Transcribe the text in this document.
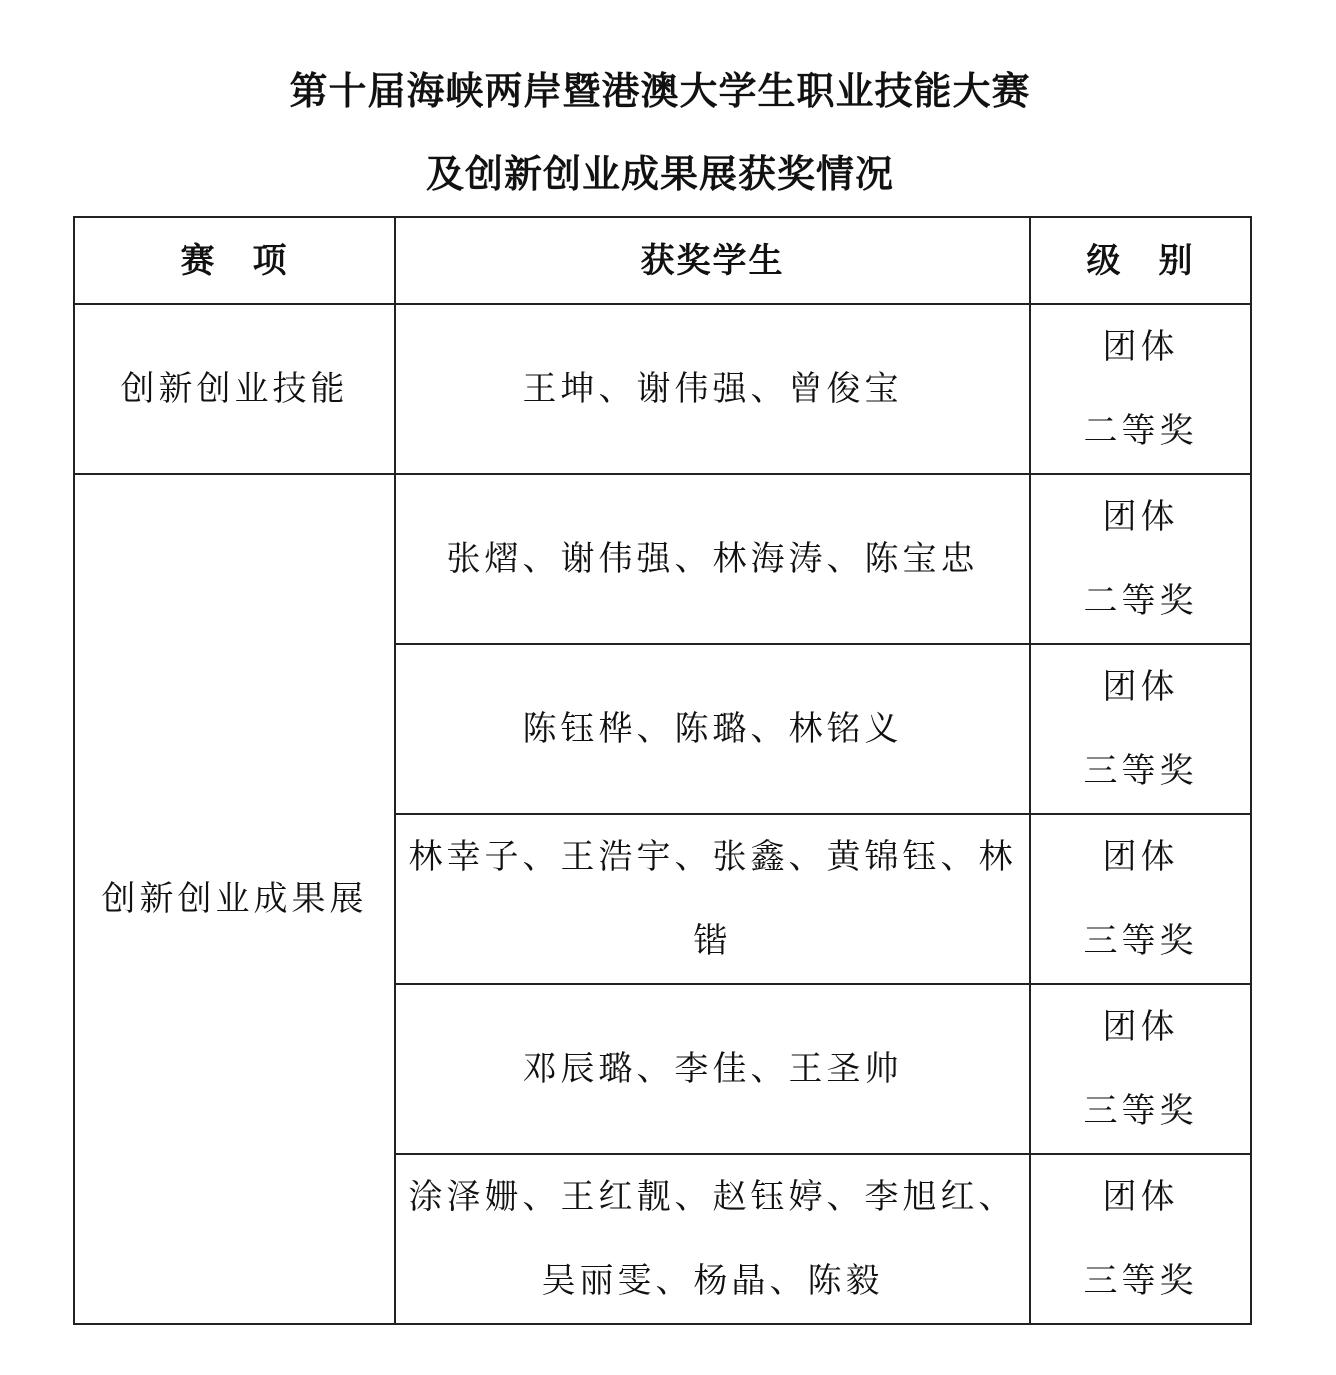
第十届海峡两岸暨港澳大学生职业技能大赛
及创新创业成果展获奖情况
赛　项	获奖学生	级　别
创新创业技能	王坤、谢伟强、曾俊宝	团体
二等奖

创新创业成果展	张熠、谢伟强、林海涛、陈宝忠	团体
二等奖

	陈钰桦、陈璐、林铭义	团体
三等奖

	林幸子、王浩宇、张鑫、黄锦钰、林锴	团体
三等奖

	邓辰璐、李佳、王圣帅	团体
三等奖

	涂泽姗、王红靓、赵钰婷、李旭红、吴丽雯、杨晶、陈毅	团体
三等奖
